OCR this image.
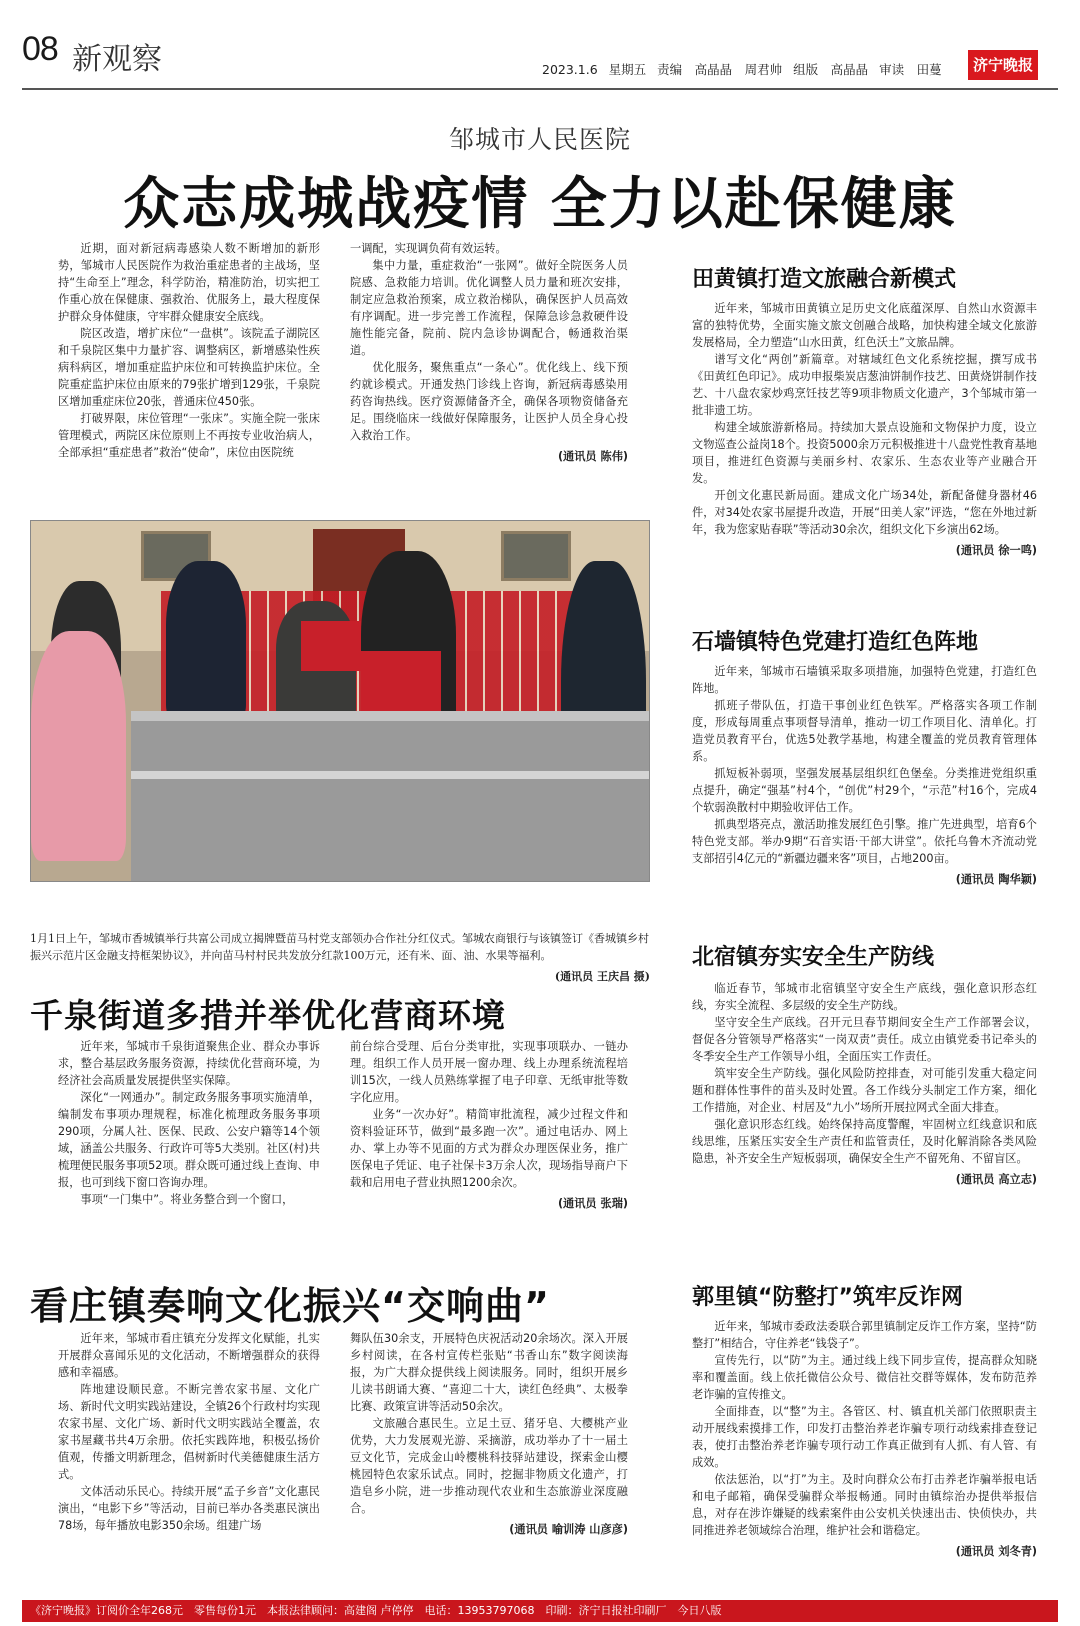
08 新观察	2023.1.6 星期五 责编　高晶晶　周君帅 组版　高晶晶 审读　田蔓	济宁晚报
邹城市人民医院
众志成城战疫情 全力以赴保健康

近期，面对新冠病毒感染人数不断增加的新形势，邹城市人民医院作为救治重症患者的主战场，坚持“生命至上”理念，科学防治，精准防治，切实把工作重心放在保健康、强救治、优服务上，最大程度保护群众身体健康，守牢群众健康安全底线。

院区改造，增扩床位“一盘棋”。该院孟子湖院区和千泉院区集中力量扩容、调整病区，新增感染性疾病科病区，增加重症监护床位和可转换监护床位。全院重症监护床位由原来的79张扩增到129张，千泉院区增加重症床位20张，普通床位450张。

打破界限，床位管理“一张床”。实施全院一张床管理模式，两院区床位原则上不再按专业收治病人，全部承担“重症患者”救治“使命”，床位由医院统

一调配，实现调负荷有效运转。

集中力量，重症救治“一张网”。做好全院医务人员院感、急救能力培训。优化调整人员力量和班次安排，制定应急救治预案，成立救治梯队，确保医护人员高效有序调配。进一步完善工作流程，保障急诊急救硬件设施性能完备，院前、院内急诊协调配合，畅通救治渠道。

优化服务，聚焦重点“一条心”。优化线上、线下预约就诊模式。开通发热门诊线上咨询，新冠病毒感染用药咨询热线。医疗资源储备齐全，确保各项物资储备充足。围绕临床一线做好保障服务，让医护人员全身心投入救治工作。

(通讯员 陈伟)
1月1日上午，邹城市香城镇举行共富公司成立揭牌暨苗马村党支部领办合作社分红仪式。邹城农商银行与该镇签订《香城镇乡村振兴示范片区金融支持框架协议》，并向苗马村村民共发放分红款100万元，还有米、面、油、水果等福利。
(通讯员 王庆昌 摄)
千泉街道多措并举优化营商环境

近年来，邹城市千泉街道聚焦企业、群众办事诉求，整合基层政务服务资源，持续优化营商环境，为经济社会高质量发展提供坚实保障。

深化“一网通办”。制定政务服务事项实施清单，编制发布事项办理规程，标准化梳理政务服务事项290项，分属人社、医保、民政、公安户籍等14个领域，涵盖公共服务、行政许可等5大类别。社区(村)共梳理便民服务事项52项。群众既可通过线上查询、申报，也可到线下窗口咨询办理。

事项“一门集中”。将业务整合到一个窗口，

前台综合受理、后台分类审批，实现事项联办、一链办理。组织工作人员开展一窗办理、线上办理系统流程培训15次，一线人员熟练掌握了电子印章、无纸审批等数字化应用。

业务“一次办好”。精简审批流程，减少过程文件和资料验证环节，做到“最多跑一次”。通过电话办、网上办、掌上办等不见面的方式为群众办理医保业务，推广医保电子凭证、电子社保卡3万余人次，现场指导商户下载和启用电子营业执照1200余次。

(通讯员 张瑞)
看庄镇奏响文化振兴“交响曲”

近年来，邹城市看庄镇充分发挥文化赋能，扎实开展群众喜闻乐见的文化活动，不断增强群众的获得感和幸福感。

阵地建设顺民意。不断完善农家书屋、文化广场、新时代文明实践站建设，全镇26个行政村均实现农家书屋、文化广场、新时代文明实践站全覆盖，农家书屋藏书共4万余册。依托实践阵地，积极弘扬价值观，传播文明新理念，倡树新时代美德健康生活方式。

文体活动乐民心。持续开展“孟子乡音”文化惠民演出，“电影下乡”等活动，目前已举办各类惠民演出78场，每年播放电影350余场。组建广场

舞队伍30余支，开展特色庆祝活动20余场次。深入开展乡村阅读，在各村宣传栏张贴“书香山东”数字阅读海报，为广大群众提供线上阅读服务。同时，组织开展乡儿读书朗诵大赛、“喜迎二十大，读红色经典”、太极拳比赛、政策宣讲等活动50余次。

文旅融合惠民生。立足土豆、猪牙皂、大樱桃产业优势，大力发展观光游、采摘游，成功举办了十一届土豆文化节，完成金山岭樱桃科技驿站建设，探索金山樱桃园特色农家乐试点。同时，挖掘非物质文化遗产，打造皂乡小院，进一步推动现代农业和生态旅游业深度融合。

(通讯员 喻训涛 山彦彦)
田黄镇打造文旅融合新模式

近年来，邹城市田黄镇立足历史文化底蕴深厚、自然山水资源丰富的独特优势，全面实施文旅文创融合战略，加快构建全域文化旅游发展格局，全力塑造“山水田黄，红色沃土”文旅品牌。

谱写文化“两创”新篇章。对辖域红色文化系统挖掘，撰写成书《田黄红色印记》。成功申报柴炭店葱油饼制作技艺、田黄烧饼制作技艺、十八盘农家炒鸡烹饪技艺等9项非物质文化遗产，3个邹城市第一批非遗工坊。

构建全域旅游新格局。持续加大景点设施和文物保护力度，设立文物巡查公益岗18个。投资5000余万元积极推进十八盘党性教育基地项目，推进红色资源与美丽乡村、农家乐、生态农业等产业融合开发。

开创文化惠民新局面。建成文化广场34处，新配备健身器材46件，对34处农家书屋提升改造，开展“田美人家”评选，“您在外地过新年，我为您家贴春联”等活动30余次，组织文化下乡演出62场。

(通讯员 徐一鸣)
石墙镇特色党建打造红色阵地

近年来，邹城市石墙镇采取多项措施，加强特色党建，打造红色阵地。

抓班子带队伍，打造干事创业红色铁军。严格落实各项工作制度，形成每周重点事项督导清单，推动一切工作项目化、清单化。打造党员教育平台，优选5处教学基地，构建全覆盖的党员教育管理体系。

抓短板补弱项，坚强发展基层组织红色堡垒。分类推进党组织重点提升，确定“强基”村4个，“创优”村29个，“示范”村16个，完成4个软弱涣散村中期验收评估工作。

抓典型塔亮点，激活助推发展红色引擎。推广先进典型，培育6个特色党支部。举办9期“石音实语·干部大讲堂”。依托乌鲁木齐流动党支部招引4亿元的“新疆边疆来客”项目，占地200亩。

(通讯员 陶华颖)
北宿镇夯实安全生产防线

临近春节，邹城市北宿镇坚守安全生产底线，强化意识形态红线，夯实全流程、多层级的安全生产防线。

坚守安全生产底线。召开元旦春节期间安全生产工作部署会议，督促各分管领导严格落实“一岗双责”责任。成立由镇党委书记牵头的冬季安全生产工作领导小组，全面压实工作责任。

筑牢安全生产防线。强化风险防控排查，对可能引发重大稳定问题和群体性事件的苗头及时处置。各工作线分头制定工作方案，细化工作措施，对企业、村居及“九小”场所开展拉网式全面大排查。

强化意识形态红线。始终保持高度警醒，牢固树立红线意识和底线思维，压紧压实安全生产责任和监管责任，及时化解消除各类风险隐患，补齐安全生产短板弱项，确保安全生产不留死角、不留盲区。

(通讯员 高立志)
郭里镇“防整打”筑牢反诈网

近年来，邹城市委政法委联合郭里镇制定反诈工作方案，坚持“防整打”相结合，守住养老“钱袋子”。

宣传先行，以“防”为主。通过线上线下同步宣传，提高群众知晓率和覆盖面。线上依托微信公众号、微信社交群等媒体，发布防范养老诈骗的宣传推文。

全面排查，以“整”为主。各管区、村、镇直机关部门依照职责主动开展线索摸排工作，印发打击整治养老诈骗专项行动线索排查登记表，使打击整治养老诈骗专项行动工作真正做到有人抓、有人管、有成效。

依法惩治，以“打”为主。及时向群众公布打击养老诈骗举报电话和电子邮箱，确保受骗群众举报畅通。同时由镇综治办提供举报信息，对存在涉诈嫌疑的线索案件由公安机关快速出击、快侦快办，共同推进养老领域综合治理，维护社会和谐稳定。

(通讯员 刘冬青)
《济宁晚报》订阅价全年268元　零售每份1元　本报法律顾问：高建阁 卢停停　电话：13953797068　印刷：济宁日报社印刷厂　今日八版
